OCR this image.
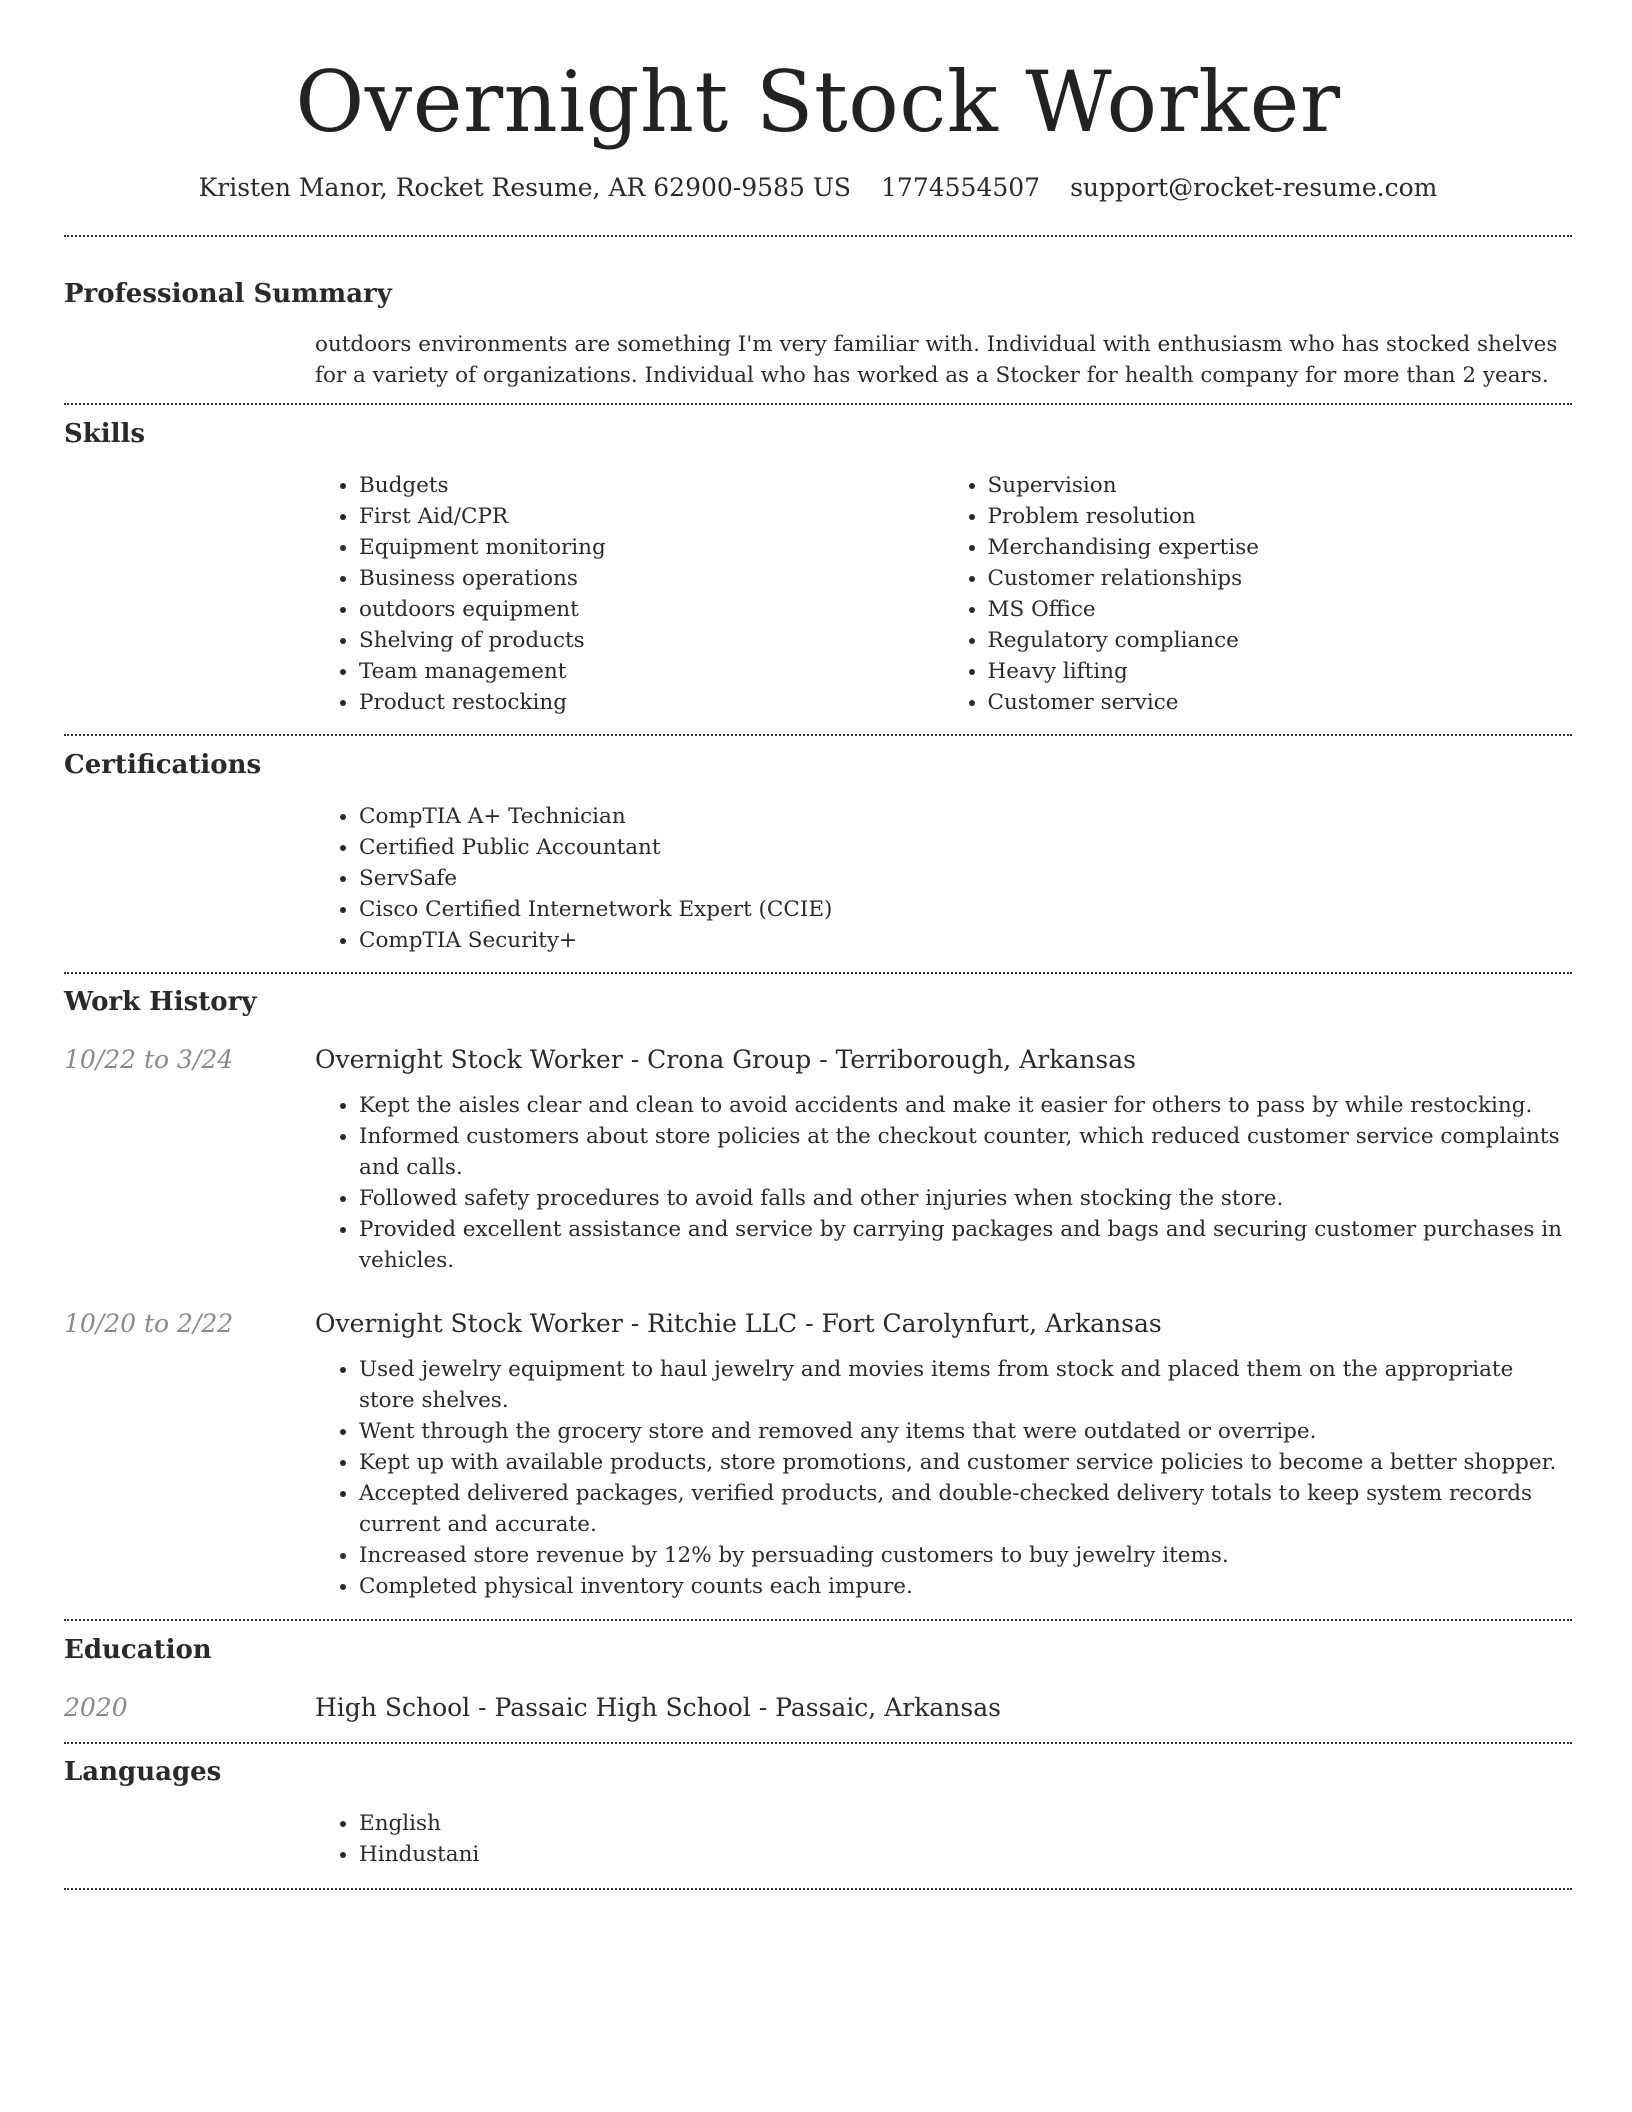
Overnight Stock Worker
Kristen Manor, Rocket Resume, AR 62900-9585 US 1774554507 support@rocket-resume.com
Professional Summary

outdoors environments are something I'm very familiar with. Individual with enthusiasm who has stocked shelves for a variety of organizations. Individual who has worked as a Stocker for health company for more than 2 years.

Skills
• Budgets
• First Aid/CPR
• Equipment monitoring
• Business operations
• outdoors equipment
• Shelving of products
• Team management
• Product restocking
• Supervision
• Problem resolution
• Merchandising expertise
• Customer relationships
• MS Office
• Regulatory compliance
• Heavy lifting
• Customer service
Certifications
• CompTIA A+ Technician
• Certified Public Accountant
• ServSafe
• Cisco Certified Internetwork Expert (CCIE)
• CompTIA Security+
Work History
10/22 to 3/24	Overnight Stock Worker - Crona Group - Terriborough, Arkansas
• Kept the aisles clear and clean to avoid accidents and make it easier for others to pass by while restocking.
• Informed customers about store policies at the checkout counter, which reduced customer service complaints and calls.
• Followed safety procedures to avoid falls and other injuries when stocking the store.
• Provided excellent assistance and service by carrying packages and bags and securing customer purchases in vehicles.
10/20 to 2/22	Overnight Stock Worker - Ritchie LLC - Fort Carolynfurt, Arkansas
• Used jewelry equipment to haul jewelry and movies items from stock and placed them on the appropriate store shelves.
• Went through the grocery store and removed any items that were outdated or overripe.
• Kept up with available products, store promotions, and customer service policies to become a better shopper.
• Accepted delivered packages, verified products, and double-checked delivery totals to keep system records current and accurate.
• Increased store revenue by 12% by persuading customers to buy jewelry items.
• Completed physical inventory counts each impure.
Education
2020	High School - Passaic High School - Passaic, Arkansas
Languages
• English
• Hindustani
